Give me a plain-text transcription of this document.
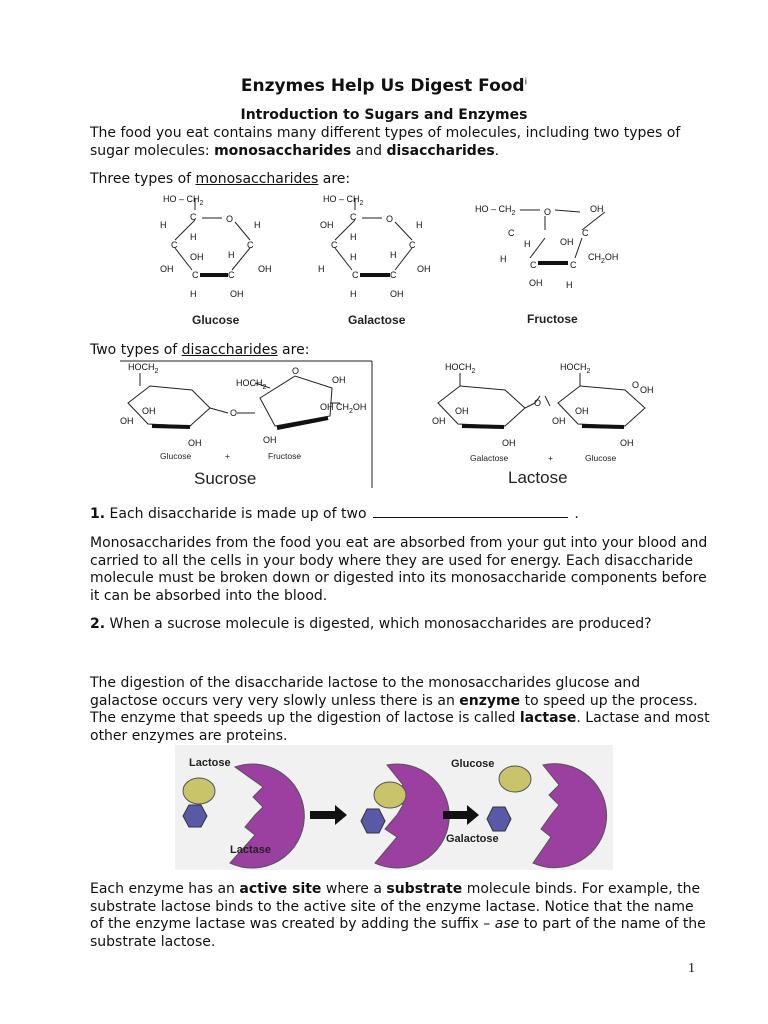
Enzymes Help Us Digest Food$^i$
Introduction to Sugars and Enzymes
The food you eat contains many different types of molecules, including two types of sugar molecules: monosaccharides and disaccharides.
Three types of monosaccharides are:
HO – $CH_2$
C	O
H
C
H
H
C
OH
OH
H
OH
C	C
H	OH
HO – $CH_2$
C	O
OH
C
H
H
C
H
H
H
OH
C	C
H	OH
HO – $CH_2$	O	OH
C	C
H	OH
H	$CH_2OH$
C	C
OH	H
Glucose	Galactose	Fructose
Two types of disaccharides are:
$HOCH_2$
OH
OH
OH
O
$HOCH_2$
O
OH
OH $CH_2OH$
OH
$HOCH_2$
OH
OH
OH
O
$HOCH_2$
O OH
OH
OH
OH
Glucose	+	Fructose	Galactose	+	Glucose
Sucrose	Lactose
1. Each disaccharide is made up of two	.
Monosaccharides from the food you eat are absorbed from your gut into your blood and carried to all the cells in your body where they are used for energy. Each disaccharide molecule must be broken down or digested into its monosaccharide components before it can be absorbed into the blood.
2. When a sucrose molecule is digested, which monosaccharides are produced?
The digestion of the disaccharide lactose to the monosaccharides glucose and galactose occurs very very slowly unless there is an enzyme to speed up the process. The enzyme that speeds up the digestion of lactose is called lactase. Lactase and most other enzymes are proteins.
Lactose
Lactase
Glucose
Galactose
Each enzyme has an active site where a substrate molecule binds. For example, the substrate lactose binds to the active site of the enzyme lactase. Notice that the name of the enzyme lactase was created by adding the suffix – ase to part of the name of the substrate lactose.
1
